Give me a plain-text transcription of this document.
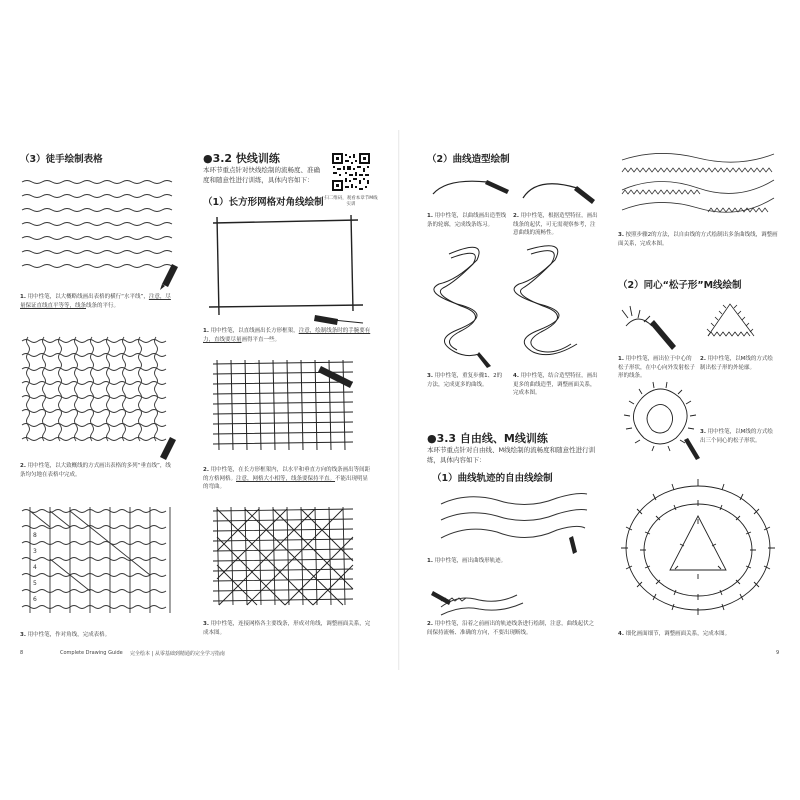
（3）徒手绘制表格
1. 用中性笔，以大概略线画出表格的横行“水平线”，注意，尽量保证直线直平等等，线条线条的平行。
2. 用中性笔，以大致概线的方式画出表格的多列“垂直线”，线条均匀地在表格中完成。
8
3
4
5
6
3. 用中性笔，作对角线，完成表格。
●3.2 快线训练
本环节重点针对快线绘制的流畅度、准确度和随意性进行训练，具体内容如下：
扫二维码，观看本章节M线实训
（1）长方形网格对角线绘制
1. 用中性笔，以直线画出长方形框架，注意，绘制线条时的手腕要有力，直线要尽量画得平直一些。
2. 用中性笔，在长方形框架内，以水平和垂直方向的线条画出等间距的方格网格。注意，网格大小相等，线条要保持平直。不能出现明显的弯曲。
3. 用中性笔，连接网格各主要线条，形成对角线，调整画面关系，完成本图。
8	Complete Drawing Guide 完全绘本 | 从零基础到精通的完全学习指南
（2）曲线造型绘制
1. 用中性笔，以曲线画出造型线条的轮廓，完成线条练习。
2. 用中性笔，根据造型特征，画出线条的起伏，可无需观察参考，注意曲线的流畅性。
3. 用中性笔，重复步骤1、2的方法，完成更多的曲线。
4. 用中性笔，结合造型特征，画出更多的曲线造型，调整画面关系，完成本图。
●3.3 自由线、M线训练
本环节重点针对自由线、M线绘制的流畅度和随意性进行训练，具体内容如下：
（1）曲线轨迹的自由线绘制
1. 用中性笔，画出曲线形轨迹。
2. 用中性笔，沿着之前画出的轨迹线条进行绘制，注意，曲线起伏之间保持流畅、准确的方向，不要出现断线。
3. 按照步骤2的方法，以自由线的方式绘制出多条曲线线，调整画面关系，完成本图。
（2）同心“松子形”M线绘制
1. 用中性笔，画出位于中心的松子形状，在中心向外发射松子形的线条。
2. 用中性笔，以M线的方式绘制出松子形的外轮廓。
3. 用中性笔，以M线的方式绘出三个同心的松子形状。
4. 细化画面细节，调整画面关系，完成本图。
9
